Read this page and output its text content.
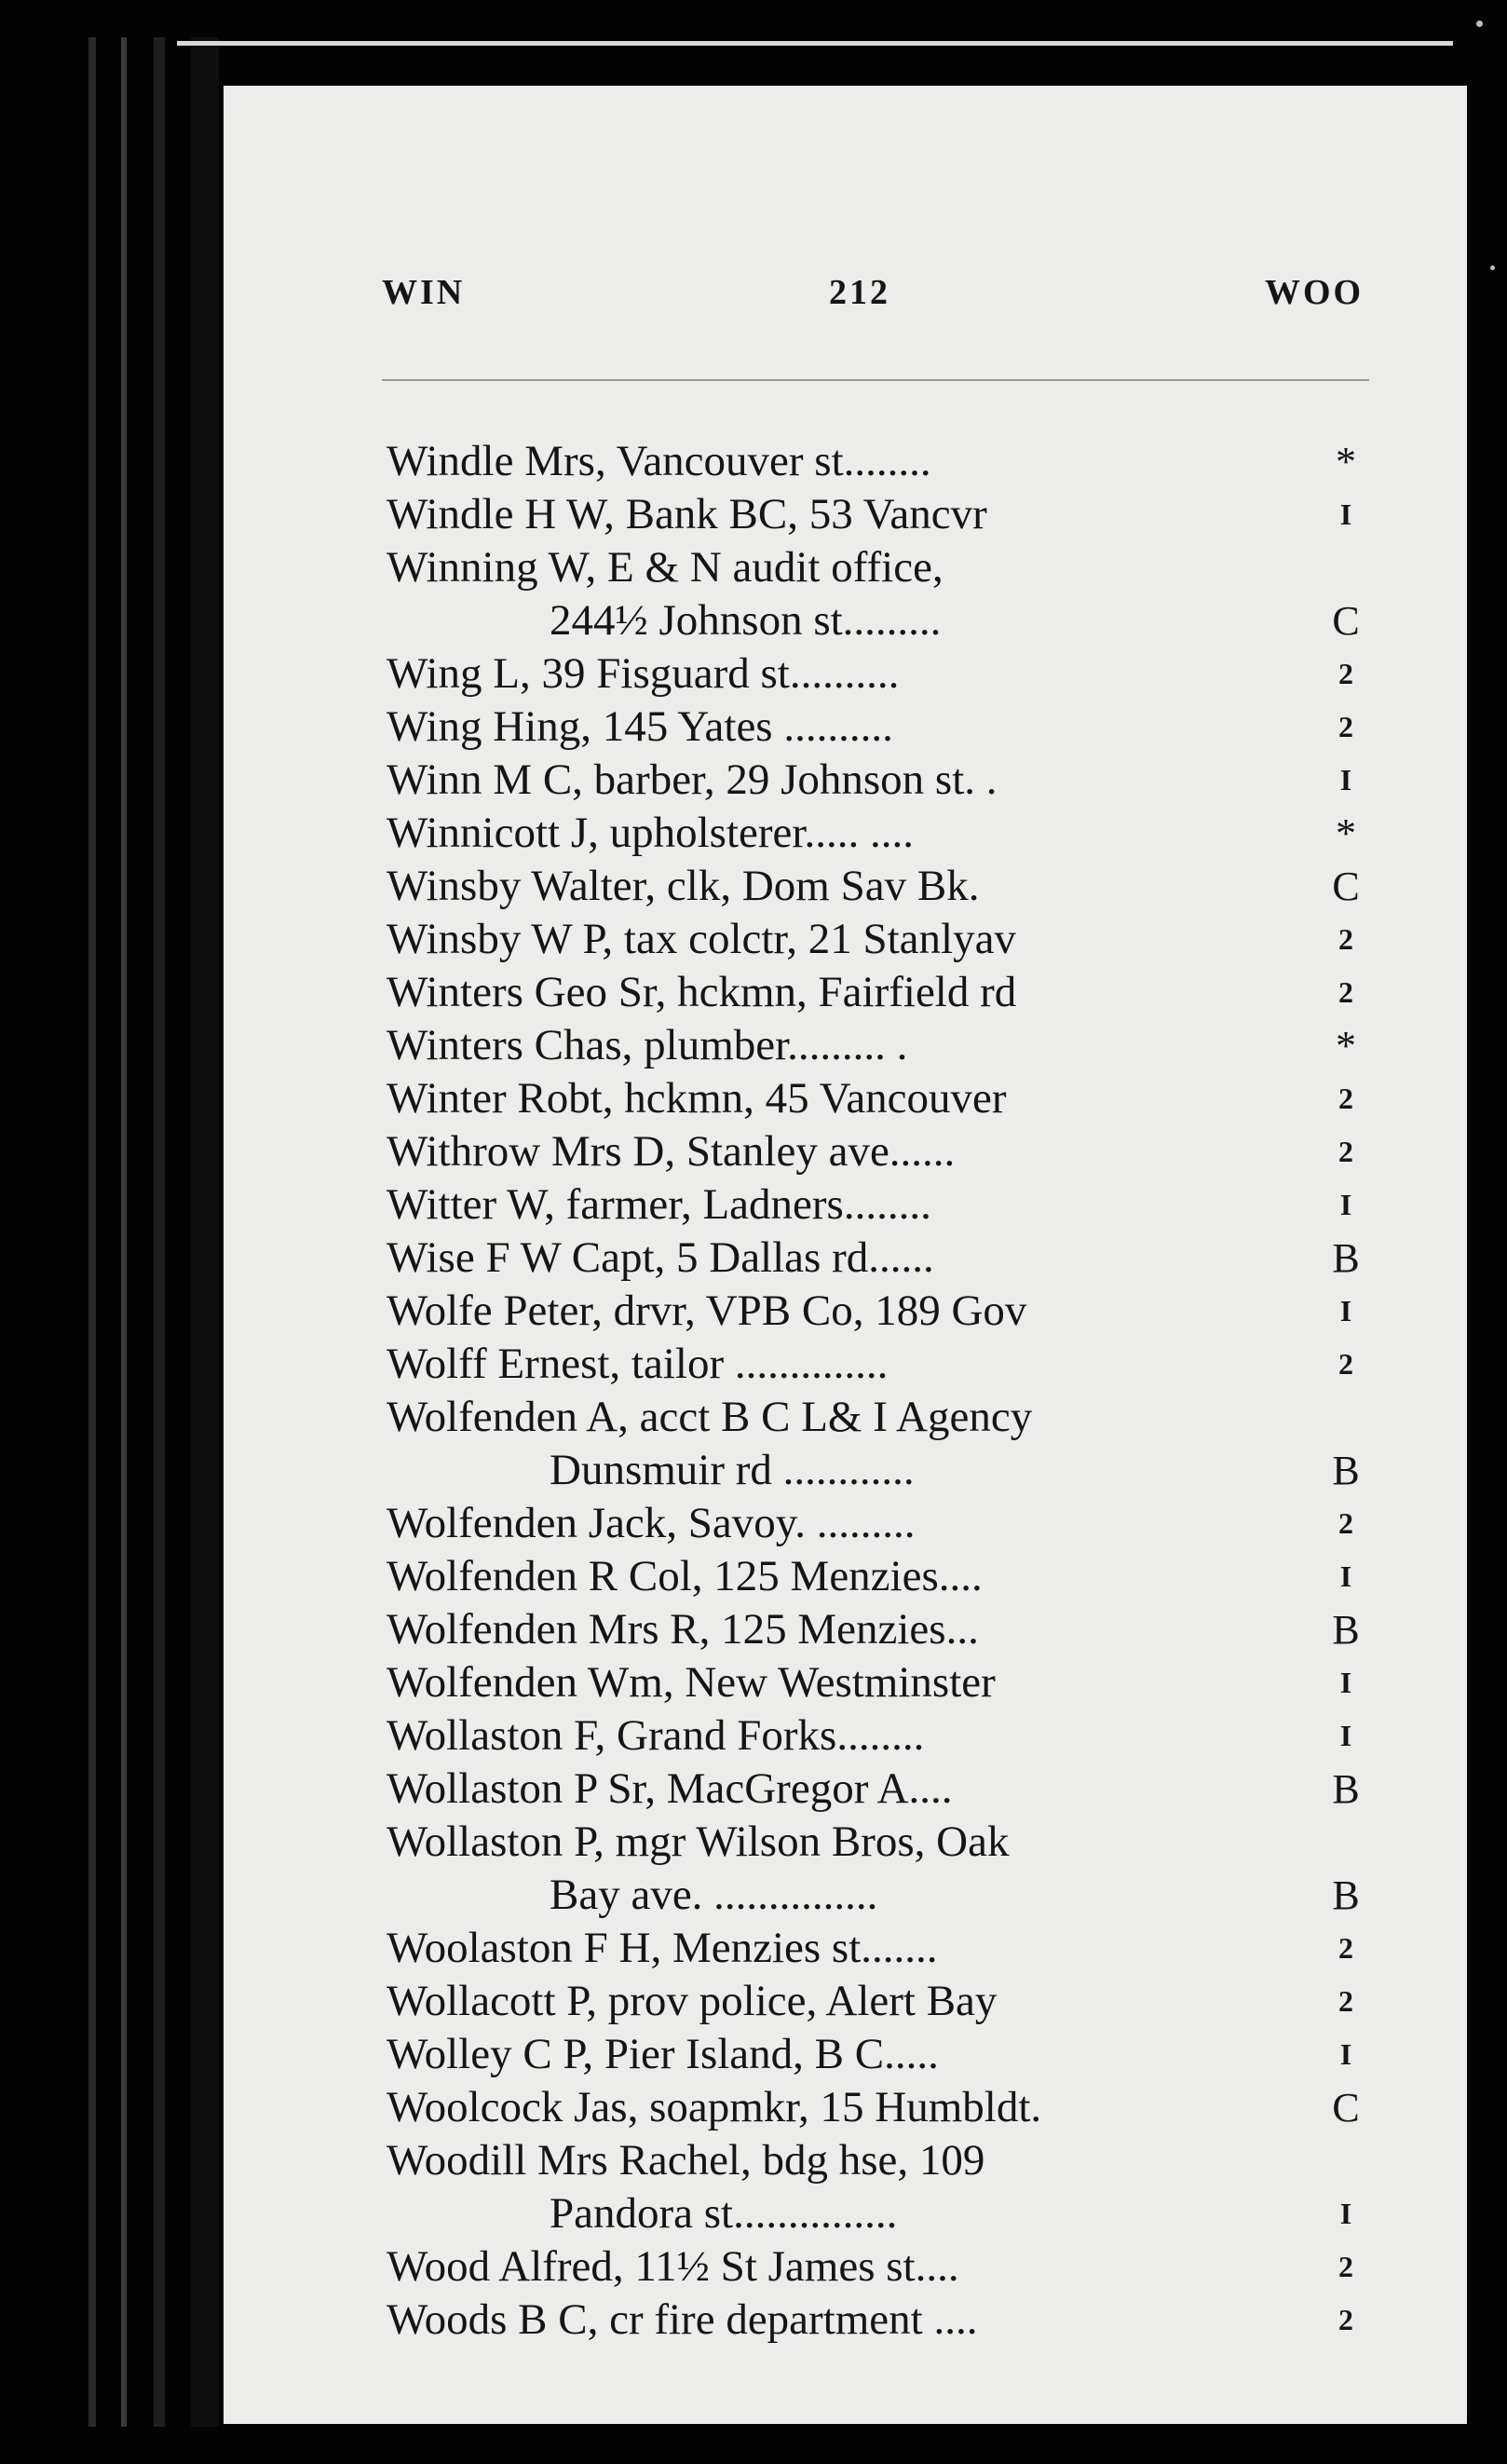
WIN	212	WOO
Windle Mrs, Vancouver st........	*
Windle H W, Bank BC, 53 Vancvr	I
Winning W, E & N audit office,
244½ Johnson st.........	C
Wing L, 39 Fisguard st..........	2
Wing Hing, 145 Yates ..........	2
Winn M C, barber, 29 Johnson st. .	I
Winnicott J, upholsterer..... ....	*
Winsby Walter, clk, Dom Sav Bk.	C
Winsby W P, tax colctr, 21 Stanlyav	2
Winters Geo Sr, hckmn, Fairfield rd	2
Winters Chas, plumber......... .	*
Winter Robt, hckmn, 45 Vancouver	2
Withrow Mrs D, Stanley ave......	2
Witter W, farmer, Ladners........	I
Wise F W Capt, 5 Dallas rd......	B
Wolfe Peter, drvr, VPB Co, 189 Gov	I
Wolff Ernest, tailor ..............	2
Wolfenden A, acct B C L& I Agency
Dunsmuir rd ............	B
Wolfenden Jack, Savoy. .........	2
Wolfenden R Col, 125 Menzies....	I
Wolfenden Mrs R, 125 Menzies...	B
Wolfenden Wm, New Westminster	I
Wollaston F, Grand Forks........	I
Wollaston P Sr, MacGregor A....	B
Wollaston P, mgr Wilson Bros, Oak
Bay ave. ...............	B
Woolaston F H, Menzies st.......	2
Wollacott P, prov police, Alert Bay	2
Wolley C P, Pier Island, B C.....	I
Woolcock Jas, soapmkr, 15 Humbldt.	C
Woodill Mrs Rachel, bdg hse, 109
Pandora st...............	I
Wood Alfred, 11½ St James st....	2
Woods B C, cr fire department ....	2
